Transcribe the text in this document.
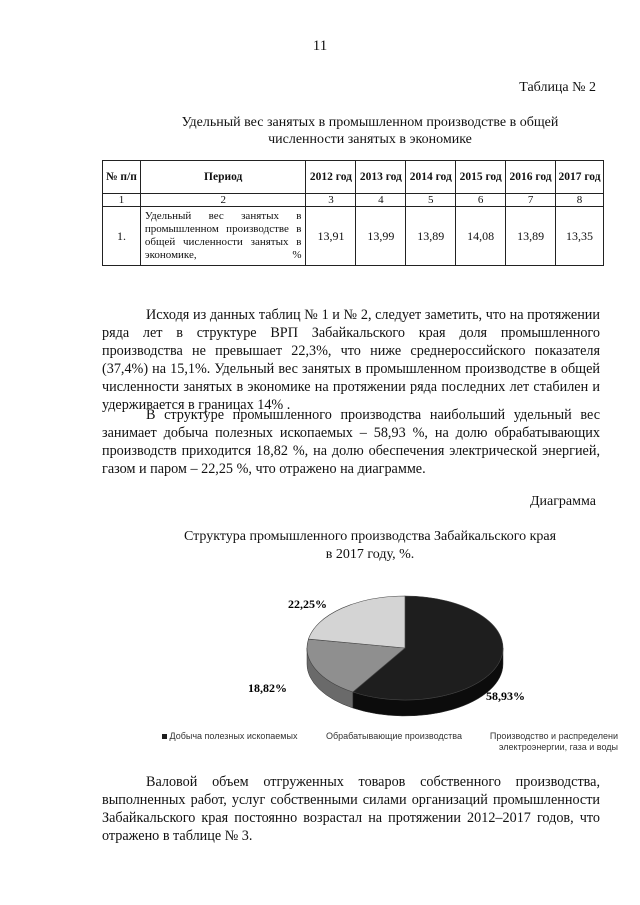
11
Таблица № 2
Удельный вес занятых в промышленном производстве в общей численности занятых в экономике
№ п/п	Период	2012 год	2013 год	2014 год	2015 год	2016 год	2017 год
1	2	3	4	5	6	7	8
1.	Удельный вес занятых в промышленном производстве в общей численности занятых в экономике, %	13,91	13,99	13,89	14,08	13,89	13,35
Исходя из данных таблиц № 1 и № 2, следует заметить, что на протяжении ряда лет в структуре ВРП Забайкальского края доля промышленного производства не превышает 22,3%, что ниже среднероссийского показателя (37,4%) на 15,1%. Удельный вес занятых в промышленном производстве в общей численности занятых в экономике на протяжении ряда последних лет стабилен и удерживается в границах 14% .
В структуре промышленного производства наибольший удельный вес занимает добыча полезных ископаемых – 58,93 %, на долю обрабатывающих производств приходится 18,82 %, на долю обеспечения электрической энергией, газом и паром – 22,25 %, что отражено на диаграмме.
Диаграмма
Структура промышленного производства Забайкальского края
в 2017 году, %.
22,25%
18,82%
58,93%
Добыча полезных ископаемых	Обрабатывающие производства	Производство и распределени
электроэнергии, газа и воды
Валовой объем отгруженных товаров собственного производства, выполненных работ, услуг собственными силами организаций промышленности Забайкальского края постоянно возрастал на протяжении 2012–2017 годов, что отражено в таблице № 3.
